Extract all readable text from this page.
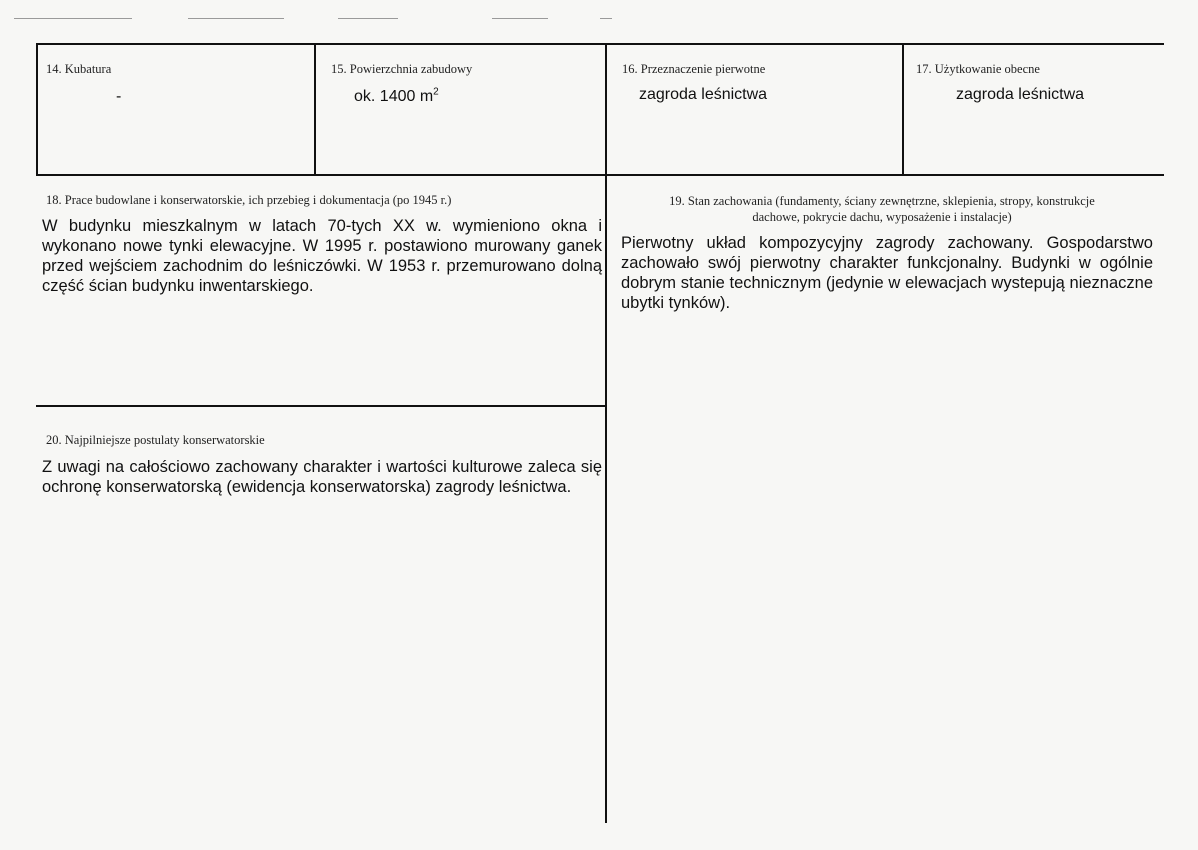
14. Kubatura
-
15. Powierzchnia zabudowy
ok. 1400 $m^2$
16. Przeznaczenie pierwotne
zagroda leśnictwa
17. Użytkowanie obecne
zagroda leśnictwa
18. Prace budowlane i konserwatorskie, ich przebieg i dokumentacja (po 1945 r.)
W budynku mieszkalnym w latach 70-tych XX w. wymieniono okna i wykonano nowe tynki elewacyjne. W 1995 r. postawiono murowany ganek przed wejściem zachodnim do leśniczówki. W 1953 r. przemurowano dolną część ścian budynku inwentarskiego.
19. Stan zachowania (fundamenty, ściany zewnętrzne, sklepienia, stropy, konstrukcje
dachowe, pokrycie dachu, wyposażenie i instalacje)
Pierwotny układ kompozycyjny zagrody zachowany. Gospodarstwo zachowało swój pierwotny charakter funkcjonalny. Budynki w ogólnie dobrym stanie technicznym (jedynie w elewacjach wystepują nieznaczne ubytki tynków).
20. Najpilniejsze postulaty konserwatorskie
Z uwagi na całościowo zachowany charakter i wartości kulturowe zaleca się ochronę konserwatorską (ewidencja konserwatorska) zagrody leśnictwa.
